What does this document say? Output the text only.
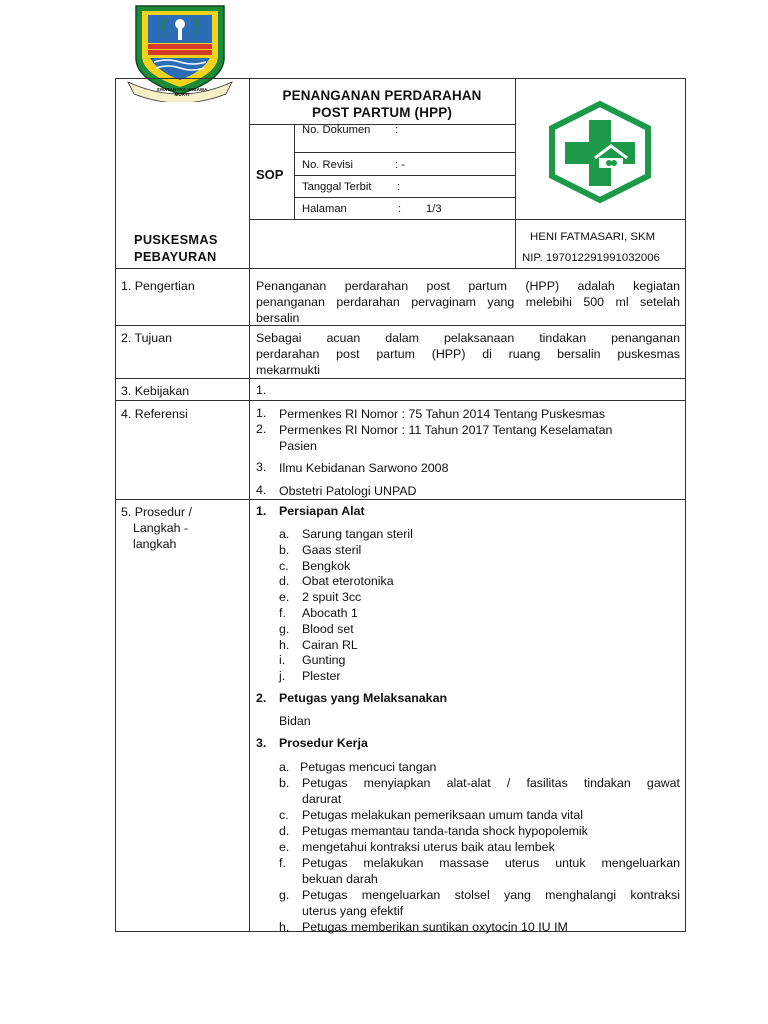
SWATANTRA WIBAWA MUKTI	PENANGANAN PERDARAHAN
POST PARTUM (HPP)
SOP
No. Dokumen :
No. Revisi	: -
Tanggal Terbit :
Halaman	: 1/3
PUSKESMAS
PEBAYURAN
HENI FATMASARI, SKM
NIP. 197012291991032006
1. Pengertian	Penanganan perdarahan post partum (HPP) adalah kegiatan
penanganan perdarahan pervaginam yang melebihi 500 ml setelah
bersalin
2. Tujuan	Sebagai acuan dalam pelaksanaan tindakan penanganan
perdarahan post partum (HPP) di ruang bersalin puskesmas
mekarmukti
3. Kebijakan	1.
4. Referensi	1. Permenkes RI Nomor : 75 Tahun 2014 Tentang Puskesmas
2. Permenkes RI Nomor : 11 Tahun 2017 Tentang Keselamatan
Pasien
3. Ilmu Kebidanan Sarwono 2008
4. Obstetri Patologi UNPAD
5. Prosedur /
Langkah -
langkah
1. Persiapan Alat
a. Sarung tangan steril
b. Gaas steril
c. Bengkok
d. Obat eterotonika
e. 2 spuit 3cc
f. Abocath 1
g. Blood set
h. Cairan RL
i. Gunting
j. Plester
2. Petugas yang Melaksanakan
Bidan
3. Prosedur Kerja
a. Petugas mencuci tangan
b. Petugas menyiapkan alat-alat / fasilitas tindakan gawat
darurat
c. Petugas melakukan pemeriksaan umum tanda vital
d. Petugas memantau tanda-tanda shock hypopolemik
e. mengetahui kontraksi uterus baik atau lembek
f. Petugas melakukan massase uterus untuk mengeluarkan
bekuan darah
g. Petugas mengeluarkan stolsel yang menghalangi kontraksi
uterus yang efektif
h. Petugas memberikan suntikan oxytocin 10 IU IM
